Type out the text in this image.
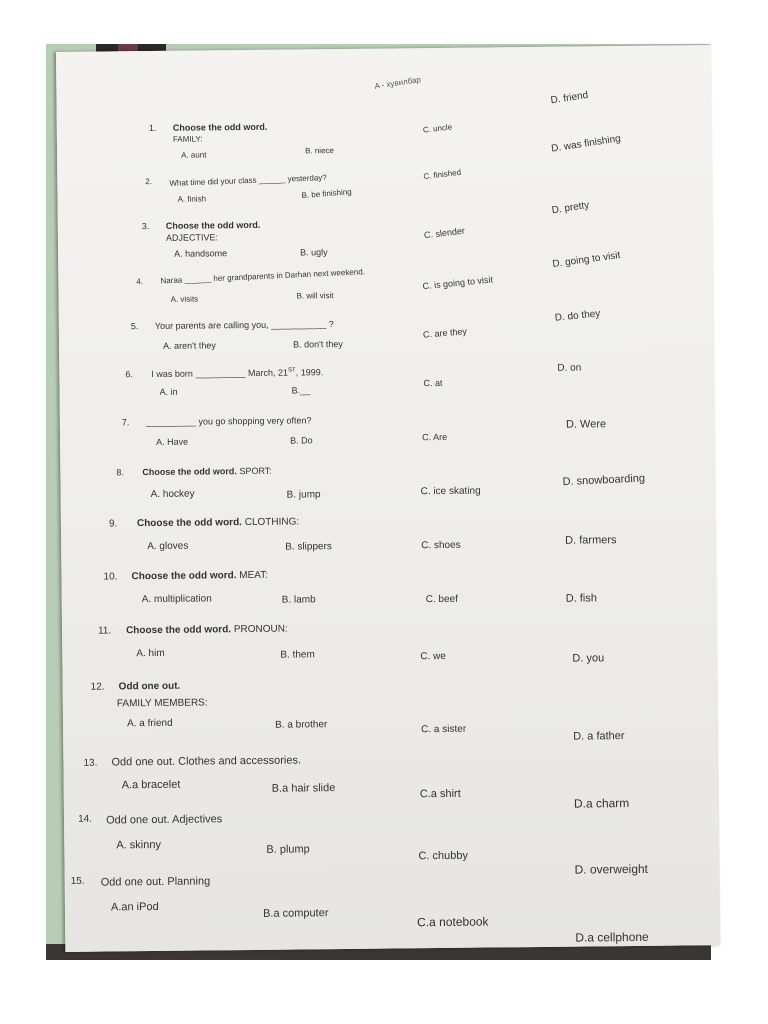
A - хувилбар
1. Choose the odd word.
FAMILY:
A. aunt	B. niece
C. uncle
D. friend
2. What time did your class ______ yesterday?
A. finish	B. be finishing
C. finished
D. was finishing
3. Choose the odd word.
ADJECTIVE:
A. handsome	B. ugly
C. slender
D. pretty
4. Naraa ______ her grandparents in Darhan next weekend.
A. visits	B. will visit
C. is going to visit
D. going to visit
5. Your parents are calling you, ___________ ?
A. aren't they	B. don't they
C. are they
D. do they
6. I was born __________ March, 21ST, 1999.
A. in	B.__
C. at
D. on
7. __________ you go shopping very often?
A. Have	B. Do	C. Are
D. Were
8. Choose the odd word. SPORT:
A. hockey	B. jump	C. ice skating
D. snowboarding
9. Choose the odd word. CLOTHING:
A. gloves	B. slippers	C. shoes	D. farmers
10. Choose the odd word. MEAT:
A. multiplication	B. lamb	C. beef	D. fish
11. Choose the odd word. PRONOUN:
A. him	B. them	C. we	D. you
12. Odd one out.
FAMILY MEMBERS:
A. a friend	B. a brother	C. a sister
D. a father
13. Odd one out. Clothes and accessories.
A.a bracelet	B.a hair slide	C.a shirt
D.a charm
14. Odd one out. Adjectives
A. skinny	B. plump
C. chubby
D. overweight
15. Odd one out. Planning
A.an iPod	B.a computer
C.a notebook
D.a cellphone
